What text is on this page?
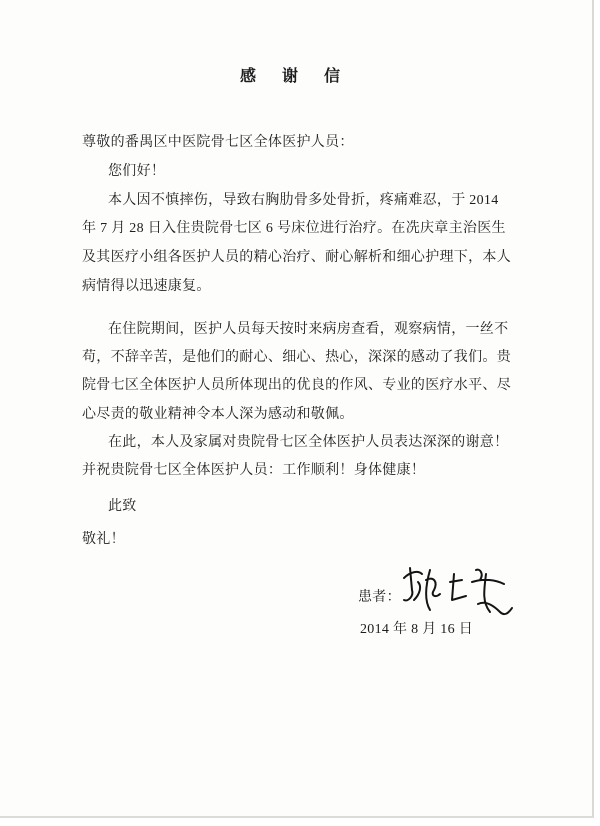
感  谢  信
尊敬的番禺区中医院骨七区全体医护人员：
您们好！
本人因不慎摔伤，导致右胸肋骨多处骨折，疼痛难忍，于 2014
年 7 月 28 日入住贵院骨七区 6 号床位进行治疗。在冼庆章主治医生
及其医疗小组各医护人员的精心治疗、耐心解析和细心护理下，本人
病情得以迅速康复。
在住院期间，医护人员每天按时来病房查看，观察病情，一丝不
苟，不辞辛苦，是他们的耐心、细心、热心，深深的感动了我们。贵
院骨七区全体医护人员所体现出的优良的作风、专业的医疗水平、尽
心尽责的敬业精神令本人深为感动和敬佩。
在此，本人及家属对贵院骨七区全体医护人员表达深深的谢意！
并祝贵院骨七区全体医护人员：工作顺利！身体健康！
此致
敬礼！
患者：
2014 年 8 月 16 日
